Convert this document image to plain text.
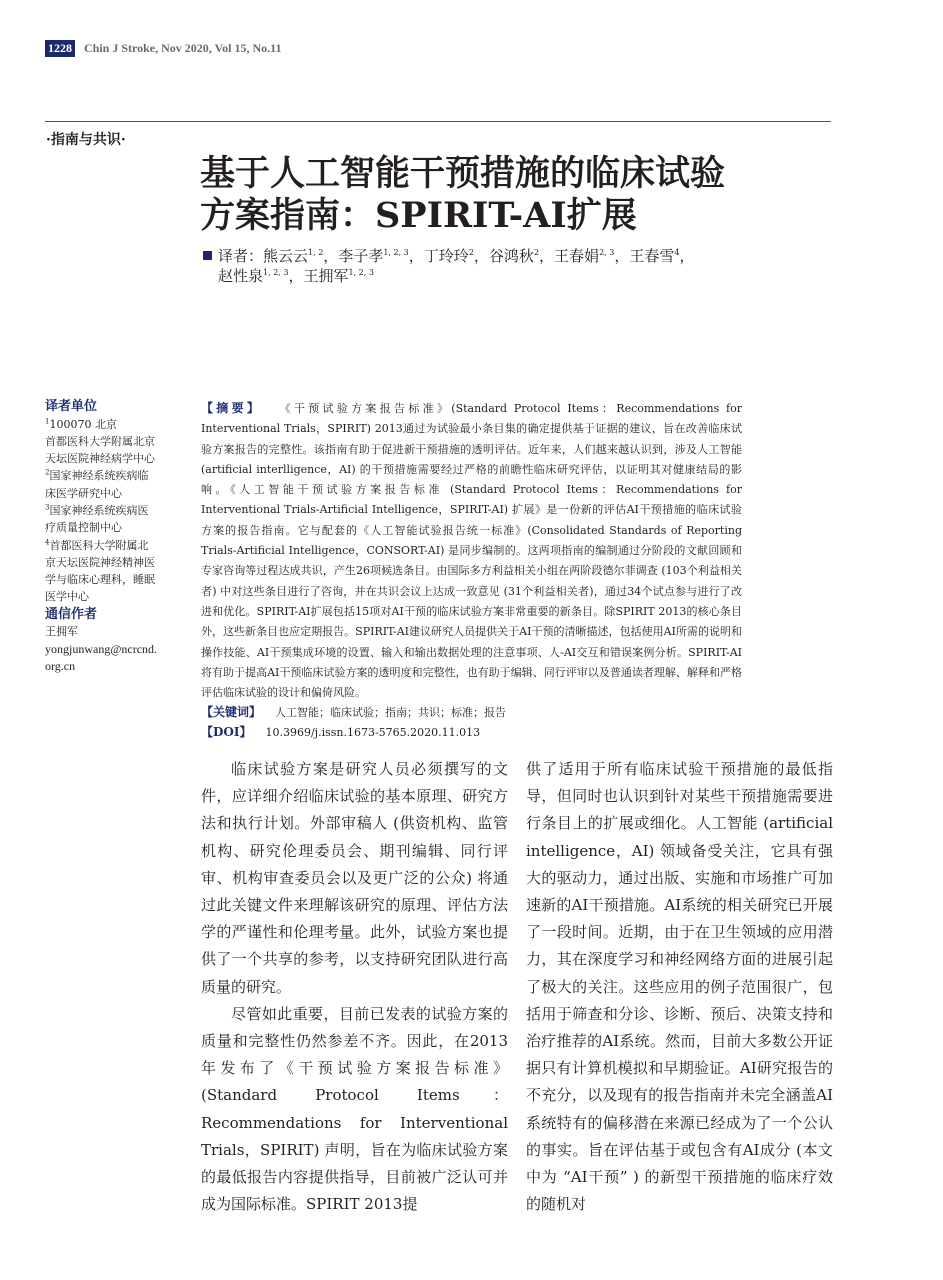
1228 Chin J Stroke, Nov 2020, Vol 15, No.11
·指南与共识·
基于人工智能干预措施的临床试验
方案指南：SPIRIT-AI扩展
译者：熊云云$^{1, 2}$，李子孝$^{1, 2, 3}$，丁玲玲$^2$，谷鸿秋$^2$，王春娟$^{2, 3}$，王春雪$^4$，
赵性泉$^{1, 2, 3}$，王拥军$^{1, 2, 3}$
译者单位
$^1$100070 北京
首都医科大学附属北京
天坛医院神经病学中心
$^2$国家神经系统疾病临
床医学研究中心
$^3$国家神经系统疾病医
疗质量控制中心
$^4$首都医科大学附属北
京天坛医院神经精神医
学与临床心理科，睡眠
医学中心
通信作者
王拥军
yongjunwang@ncrcnd.
org.cn
【摘要】 《干预试验方案报告标准》(Standard Protocol Items：Recommendations for Interventional Trials，SPIRIT) 2013通过为试验最小条目集的确定提供基于证据的建议，旨在改善临床试验方案报告的完整性。该指南有助于促进新干预措施的透明评估。近年来，人们越来越认识到，涉及人工智能(artificial interlligence，AI) 的干预措施需要经过严格的前瞻性临床研究评估，以证明其对健康结局的影响。《人工智能干预试验方案报告标准 (Standard Protocol Items：Recommendations for Interventional Trials-Artificial Intelligence，SPIRIT-AI) 扩展》是一份新的评估AI干预措施的临床试验方案的报告指南。它与配套的《人工智能试验报告统一标准》(Consolidated Standards of Reporting Trials-Artificial Intelligence，CONSORT-AI) 是同步编制的。这两项指南的编制通过分阶段的文献回顾和专家咨询等过程达成共识，产生26项候选条目。由国际多方利益相关小组在两阶段德尔菲调查 (103个利益相关者) 中对这些条目进行了咨询，并在共识会议上达成一致意见 (31个利益相关者)，通过34个试点参与进行了改进和优化。SPIRIT-AI扩展包括15项对AI干预的临床试验方案非常重要的新条目。除SPIRIT 2013的核心条目外，这些新条目也应定期报告。SPIRIT-AI建议研究人员提供关于AI干预的清晰描述，包括使用AI所需的说明和操作技能、AI干预集成环境的设置、输入和输出数据处理的注意事项、人-AI交互和错误案例分析。SPIRIT-AI将有助于提高AI干预临床试验方案的透明度和完整性，也有助于编辑、同行评审以及普通读者理解、解释和严格评估临床试验的设计和偏倚风险。
【关键词】 人工智能；临床试验；指南；共识；标准；报告
【DOI】 10.3969/j.issn.1673-5765.2020.11.013

临床试验方案是研究人员必须撰写的文件，应详细介绍临床试验的基本原理、研究方法和执行计划。外部审稿人 (供资机构、监管机构、研究伦理委员会、期刊编辑、同行评审、机构审查委员会以及更广泛的公众) 将通过此关键文件来理解该研究的原理、评估方法学的严谨性和伦理考量。此外，试验方案也提供了一个共享的参考，以支持研究团队进行高质量的研究。

尽管如此重要，目前已发表的试验方案的质量和完整性仍然参差不齐。因此，在2013年发布了《干预试验方案报告标准》(Standard Protocol Items：Recommendations for Interventional Trials，SPIRIT) 声明，旨在为临床试验方案的最低报告内容提供指导，目前被广泛认可并成为国际标准。SPIRIT 2013提

供了适用于所有临床试验干预措施的最低指导，但同时也认识到针对某些干预措施需要进行条目上的扩展或细化。人工智能 (artificial intelligence，AI) 领域备受关注，它具有强大的驱动力，通过出版、实施和市场推广可加速新的AI干预措施。AI系统的相关研究已开展了一段时间。近期，由于在卫生领域的应用潜力，其在深度学习和神经网络方面的进展引起了极大的关注。这些应用的例子范围很广，包括用于筛查和分诊、诊断、预后、决策支持和治疗推荐的AI系统。然而，目前大多数公开证据只有计算机模拟和早期验证。AI研究报告的不充分，以及现有的报告指南并未完全涵盖AI系统特有的偏移潜在来源已经成为了一个公认的事实。旨在评估基于或包含有AI成分 (本文中为 “AI干预” ) 的新型干预措施的临床疗效的随机对
